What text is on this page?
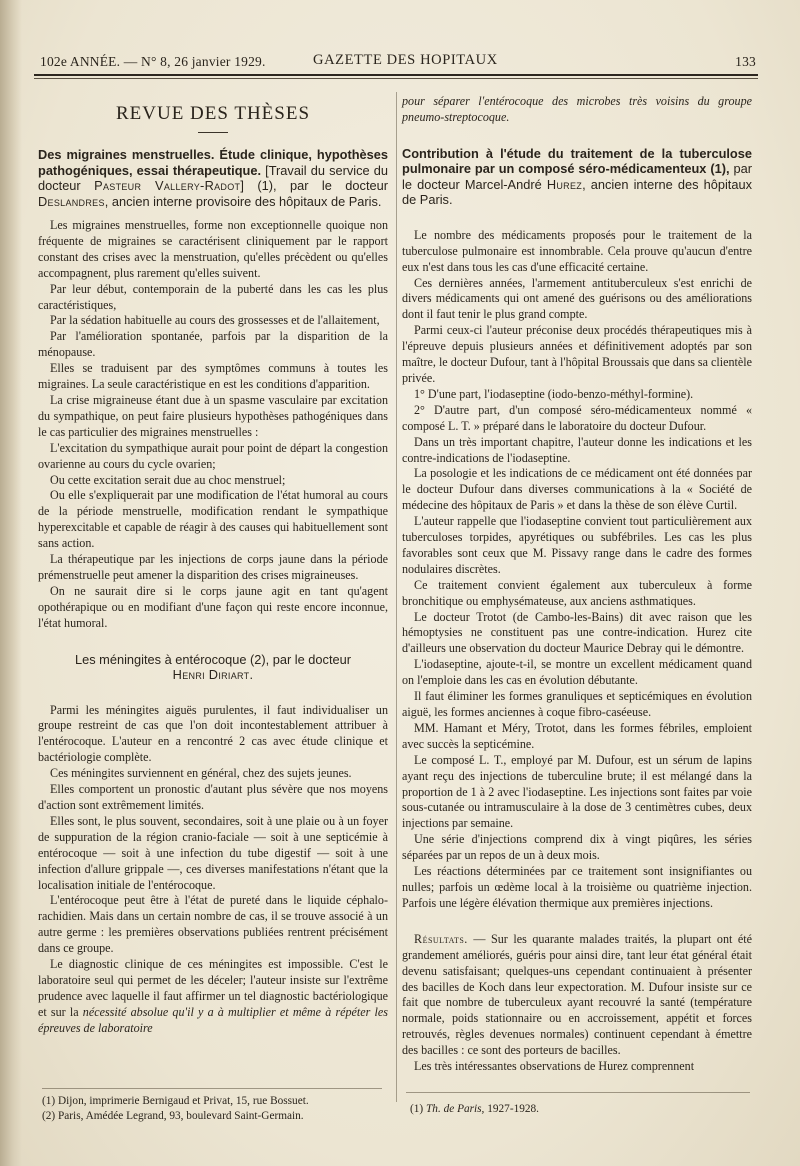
102e ANNÉE. — N° 8, 26 janvier 1929.	GAZETTE DES HOPITAUX	133
REVUE DES THÈSES
Des migraines menstruelles. Étude clinique, hypothèses pathogéniques, essai thérapeutique. [Travail du service du docteur Pasteur Vallery-Radot] (1), par le docteur Deslandres, ancien interne provisoire des hôpitaux de Paris.

Les migraines menstruelles, forme non exceptionnelle quoique non fréquente de migraines se caractérisent cliniquement par le rapport constant des crises avec la menstruation, qu'elles précèdent ou qu'elles accompagnent, plus rarement qu'elles suivent.

Par leur début, contemporain de la puberté dans les cas les plus caractéristiques,

Par la sédation habituelle au cours des grossesses et de l'allaitement,

Par l'amélioration spontanée, parfois par la disparition de la ménopause.

Elles se traduisent par des symptômes communs à toutes les migraines. La seule caractéristique en est les conditions d'apparition.

La crise migraineuse étant due à un spasme vasculaire par excitation du sympathique, on peut faire plusieurs hypothèses pathogéniques dans le cas particulier des migraines menstruelles :

L'excitation du sympathique aurait pour point de départ la congestion ovarienne au cours du cycle ovarien;

Ou cette excitation serait due au choc menstruel;

Ou elle s'expliquerait par une modification de l'état humoral au cours de la période menstruelle, modification rendant le sympathique hyperexcitable et capable de réagir à des causes qui habituellement sont sans action.

La thérapeutique par les injections de corps jaune dans la période prémenstruelle peut amener la disparition des crises migraineuses.

On ne saurait dire si le corps jaune agit en tant qu'agent opothérapique ou en modifiant d'une façon qui reste encore inconnue, l'état humoral.

Les méningites à entérocoque (2), par le docteur
Henri Diriart.

Parmi les méningites aiguës purulentes, il faut individualiser un groupe restreint de cas que l'on doit incontestablement attribuer à l'entérocoque. L'auteur en a rencontré 2 cas avec étude clinique et bactériologie complète.

Ces méningites surviennent en général, chez des sujets jeunes.

Elles comportent un pronostic d'autant plus sévère que nos moyens d'action sont extrêmement limités.

Elles sont, le plus souvent, secondaires, soit à une plaie ou à un foyer de suppuration de la région cranio-faciale — soit à une septicémie à entérocoque — soit à une infection du tube digestif — soit à une infection d'allure grippale —, ces diverses manifestations n'étant que la localisation initiale de l'entérocoque.

L'entérocoque peut être à l'état de pureté dans le liquide céphalo-rachidien. Mais dans un certain nombre de cas, il se trouve associé à un autre germe : les premières observations publiées rentrent précisément dans ce groupe.

Le diagnostic clinique de ces méningites est impossible. C'est le laboratoire seul qui permet de les déceler; l'auteur insiste sur l'extrême prudence avec laquelle il faut affirmer un tel diagnostic bactériologique et sur la nécessité absolue qu'il y a à multiplier et même à répéter les épreuves de laboratoire

(1) Dijon, imprimerie Bernigaud et Privat, 15, rue Bossuet.
(2) Paris, Amédée Legrand, 93, boulevard Saint-Germain.

pour séparer l'entérocoque des microbes très voisins du groupe pneumo-streptocoque.

Contribution à l'étude du traitement de la tuberculose pulmonaire par un composé séro-médicamenteux (1), par le docteur Marcel-André Hurez, ancien interne des hôpitaux de Paris.

Le nombre des médicaments proposés pour le traitement de la tuberculose pulmonaire est innombrable. Cela prouve qu'aucun d'entre eux n'est dans tous les cas d'une efficacité certaine.

Ces dernières années, l'armement antituberculeux s'est enrichi de divers médicaments qui ont amené des guérisons ou des améliorations dont il faut tenir le plus grand compte.

Parmi ceux-ci l'auteur préconise deux procédés thérapeutiques mis à l'épreuve depuis plusieurs années et définitivement adoptés par son maître, le docteur Dufour, tant à l'hôpital Broussais que dans sa clientèle privée.

1° D'une part, l'iodaseptine (iodo-benzo-méthyl-formine).

2° D'autre part, d'un composé séro-médicamenteux nommé « composé L. T. » préparé dans le laboratoire du docteur Dufour.

Dans un très important chapitre, l'auteur donne les indications et les contre-indications de l'iodaseptine.

La posologie et les indications de ce médicament ont été données par le docteur Dufour dans diverses communications à la « Société de médecine des hôpitaux de Paris » et dans la thèse de son élève Curtil.

L'auteur rappelle que l'iodaseptine convient tout particulièrement aux tuberculoses torpides, apyrétiques ou subfébriles. Les cas les plus favorables sont ceux que M. Pissavy range dans le cadre des formes nodulaires discrètes.

Ce traitement convient également aux tuberculeux à forme bronchitique ou emphysémateuse, aux anciens asthmatiques.

Le docteur Trotot (de Cambo-les-Bains) dit avec raison que les hémoptysies ne constituent pas une contre-indication. Hurez cite d'ailleurs une observation du docteur Maurice Debray qui le démontre.

L'iodaseptine, ajoute-t-il, se montre un excellent médicament quand on l'emploie dans les cas en évolution débutante.

Il faut éliminer les formes granuliques et septicémiques en évolution aiguë, les formes anciennes à coque fibro-caséeuse.

MM. Hamant et Méry, Trotot, dans les formes fébriles, emploient avec succès la septicémine.

Le composé L. T., employé par M. Dufour, est un sérum de lapins ayant reçu des injections de tuberculine brute; il est mélangé dans la proportion de 1 à 2 avec l'iodaseptine. Les injections sont faites par voie sous-cutanée ou intramusculaire à la dose de 3 centimètres cubes, deux injections par semaine.

Une série d'injections comprend dix à vingt piqûres, les séries séparées par un repos de un à deux mois.

Les réactions déterminées par ce traitement sont insignifiantes ou nulles; parfois un œdème local à la troisième ou quatrième injection. Parfois une légère élévation thermique aux premières injections.

Résultats. — Sur les quarante malades traités, la plupart ont été grandement améliorés, guéris pour ainsi dire, tant leur état général était devenu satisfaisant; quelques-uns cependant continuaient à présenter des bacilles de Koch dans leur expectoration. M. Dufour insiste sur ce fait que nombre de tuberculeux ayant recouvré la santé (température normale, poids stationnaire ou en accroissement, appétit et forces retrouvés, règles devenues normales) continuent cependant à émettre des bacilles : ce sont des porteurs de bacilles.

Les très intéressantes observations de Hurez comprennent

(1) Th. de Paris, 1927-1928.
